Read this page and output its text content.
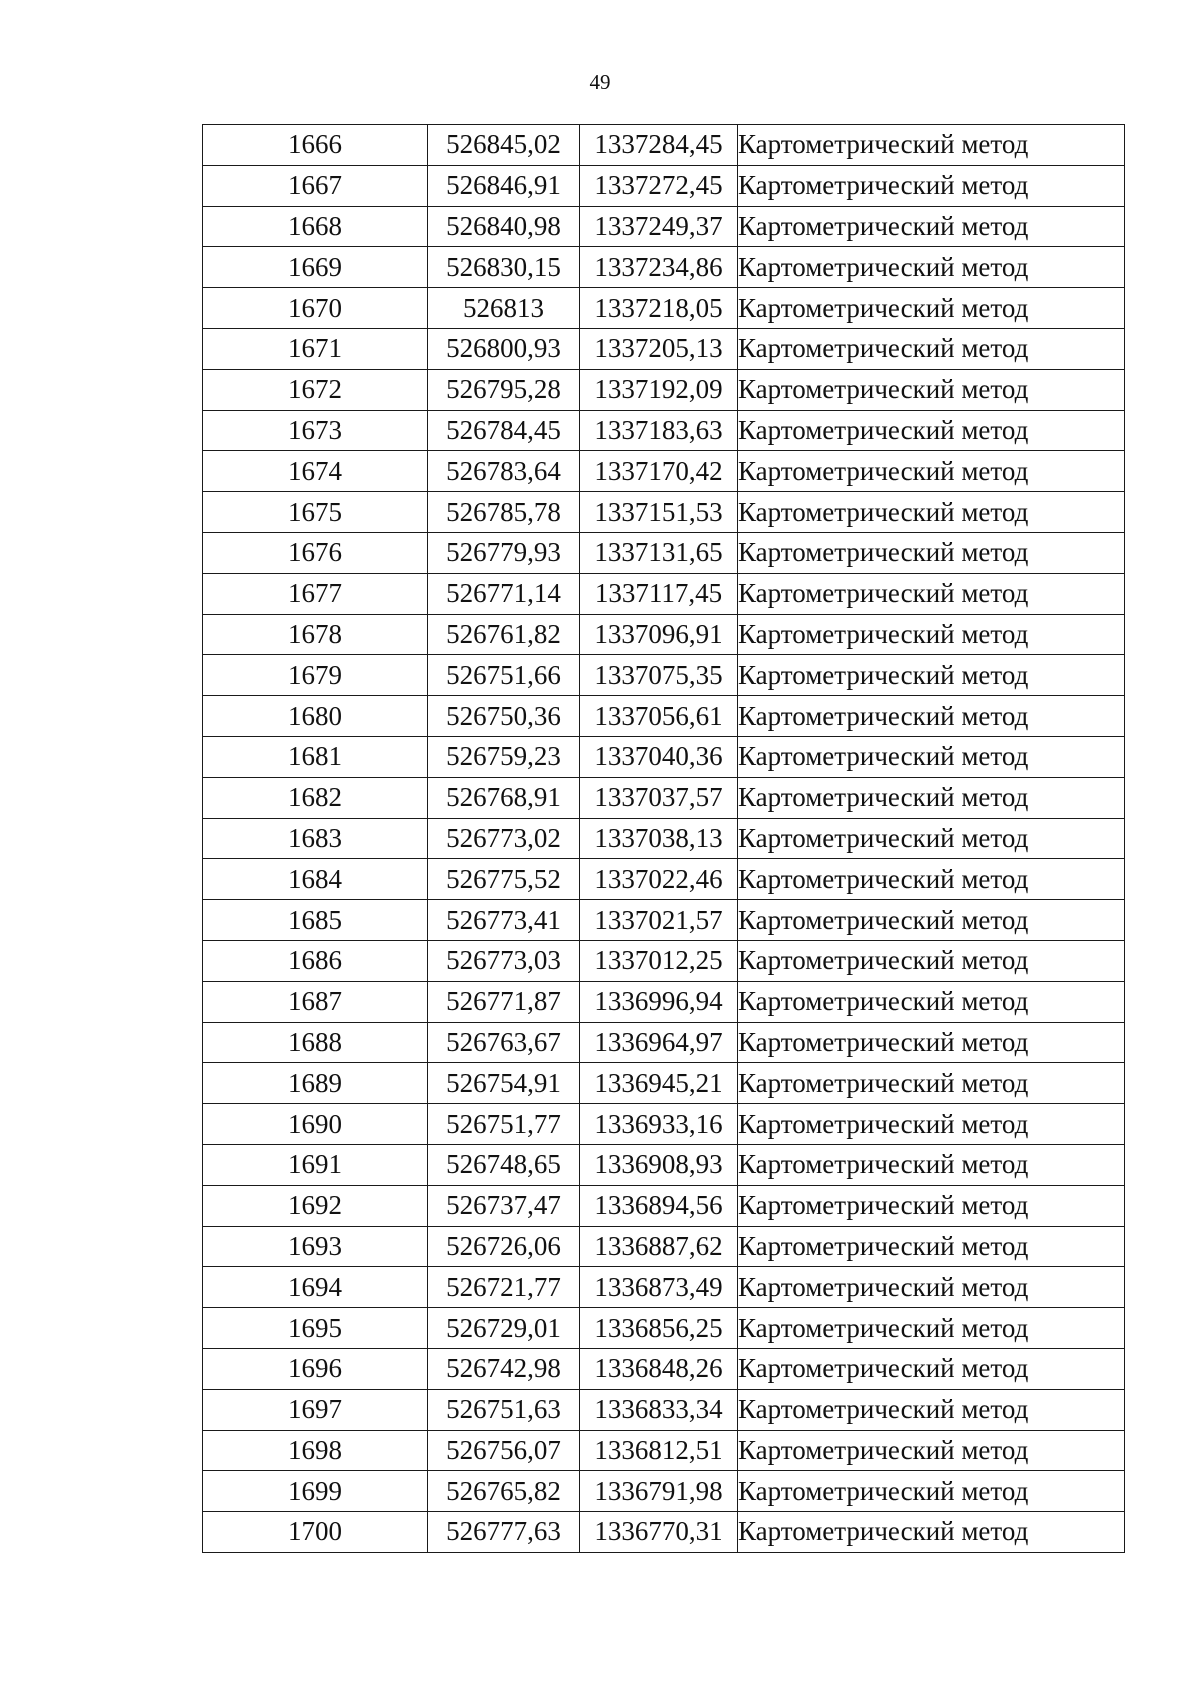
49
1666	526845,02	1337284,45	Картометрический метод
1667	526846,91	1337272,45	Картометрический метод
1668	526840,98	1337249,37	Картометрический метод
1669	526830,15	1337234,86	Картометрический метод
1670	526813	1337218,05	Картометрический метод
1671	526800,93	1337205,13	Картометрический метод
1672	526795,28	1337192,09	Картометрический метод
1673	526784,45	1337183,63	Картометрический метод
1674	526783,64	1337170,42	Картометрический метод
1675	526785,78	1337151,53	Картометрический метод
1676	526779,93	1337131,65	Картометрический метод
1677	526771,14	1337117,45	Картометрический метод
1678	526761,82	1337096,91	Картометрический метод
1679	526751,66	1337075,35	Картометрический метод
1680	526750,36	1337056,61	Картометрический метод
1681	526759,23	1337040,36	Картометрический метод
1682	526768,91	1337037,57	Картометрический метод
1683	526773,02	1337038,13	Картометрический метод
1684	526775,52	1337022,46	Картометрический метод
1685	526773,41	1337021,57	Картометрический метод
1686	526773,03	1337012,25	Картометрический метод
1687	526771,87	1336996,94	Картометрический метод
1688	526763,67	1336964,97	Картометрический метод
1689	526754,91	1336945,21	Картометрический метод
1690	526751,77	1336933,16	Картометрический метод
1691	526748,65	1336908,93	Картометрический метод
1692	526737,47	1336894,56	Картометрический метод
1693	526726,06	1336887,62	Картометрический метод
1694	526721,77	1336873,49	Картометрический метод
1695	526729,01	1336856,25	Картометрический метод
1696	526742,98	1336848,26	Картометрический метод
1697	526751,63	1336833,34	Картометрический метод
1698	526756,07	1336812,51	Картометрический метод
1699	526765,82	1336791,98	Картометрический метод
1700	526777,63	1336770,31	Картометрический метод
